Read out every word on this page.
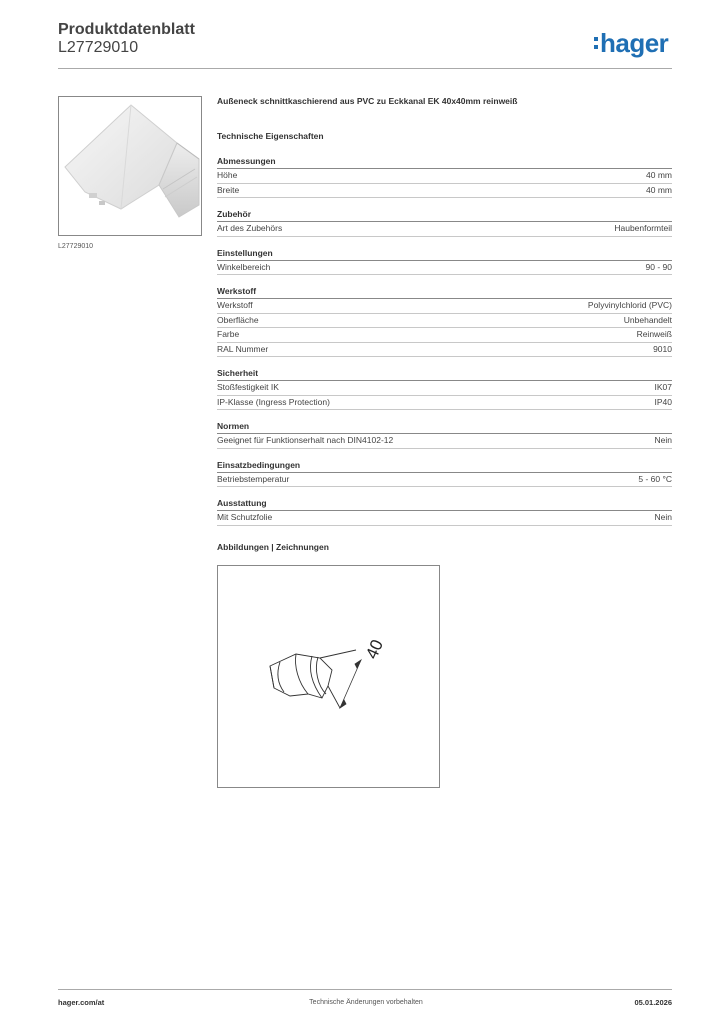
Produktdatenblatt
L27729010	hager
L27729010
Außeneck schnittkaschierend aus PVC zu Eckkanal EK 40x40mm reinweiß
Technische Eigenschaften
Abmessungen
Höhe	40 mm
Breite	40 mm
Zubehör
Art des Zubehörs	Haubenformteil
Einstellungen
Winkelbereich	90 - 90
Werkstoff
Werkstoff	Polyvinylchlorid (PVC)
Oberfläche	Unbehandelt
Farbe	Reinweiß
RAL Nummer	9010
Sicherheit
Stoßfestigkeit IK	IK07
IP-Klasse (Ingress Protection)	IP40
Normen
Geeignet für Funktionserhalt nach DIN4102-12	Nein
Einsatzbedingungen
Betriebstemperatur	5 - 60 °C
Ausstattung
Mit Schutzfolie	Nein
Abbildungen | Zeichnungen
40
hager.com/at	Technische Änderungen vorbehalten	05.01.2026
